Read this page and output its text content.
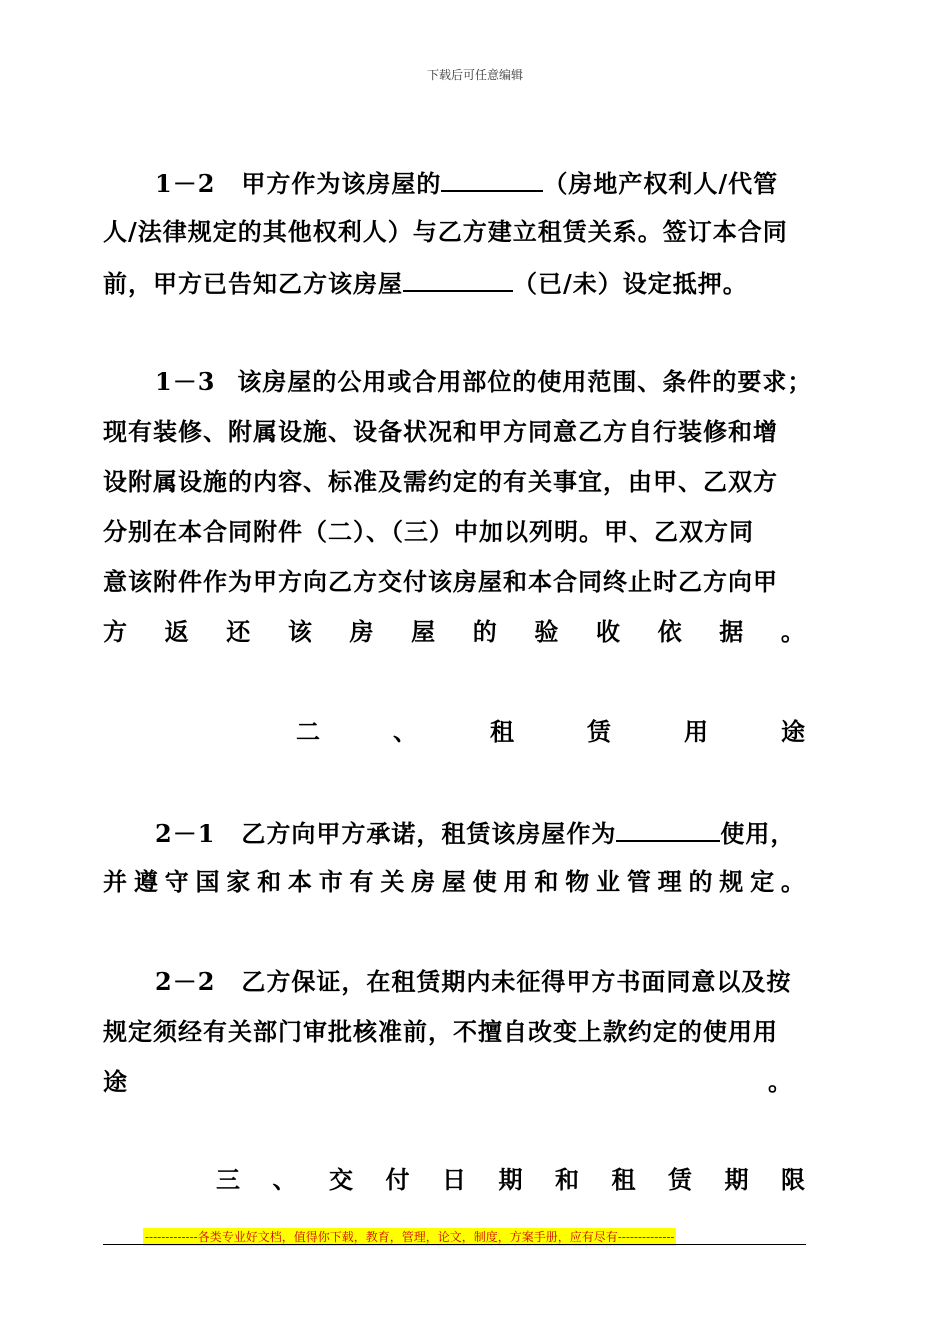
下载后可任意编辑
1－2 甲方作为该房屋的	（房地产权利人/代管
人/法律规定的其他权利人）与乙方建立租赁关系。签订本合同
前，甲方已告知乙方该房屋	（已/未）设定抵押。
1－3 该房屋的公用或合用部位的使用范围、条件的要求；
现有装修、附属设施、设备状况和甲方同意乙方自行装修和增
设附属设施的内容、标准及需约定的有关事宜，由甲、乙双方
分别在本合同附件（二）、（三）中加以列明。甲、乙双方同
意该附件作为甲方向乙方交付该房屋和本合同终止时乙方向甲
方 返 还 该 房 屋 的 验 收 依 据 。
二	、	租	赁	用	途
2－1 乙方向甲方承诺，租赁该房屋作为	使用，
并 遵 守 国 家 和 本 市 有 关 房 屋 使 用 和 物 业 管 理 的 规 定 。
2－2 乙方保证，在租赁期内未征得甲方书面同意以及按
规定须经有关部门审批核准前，不擅自改变上款约定的使用用
途	。
三 、 交 付 日 期 和 租 赁 期 限
-------------各类专业好文档，值得你下载，教育，管理，论文，制度，方案手册，应有尽有--------------
